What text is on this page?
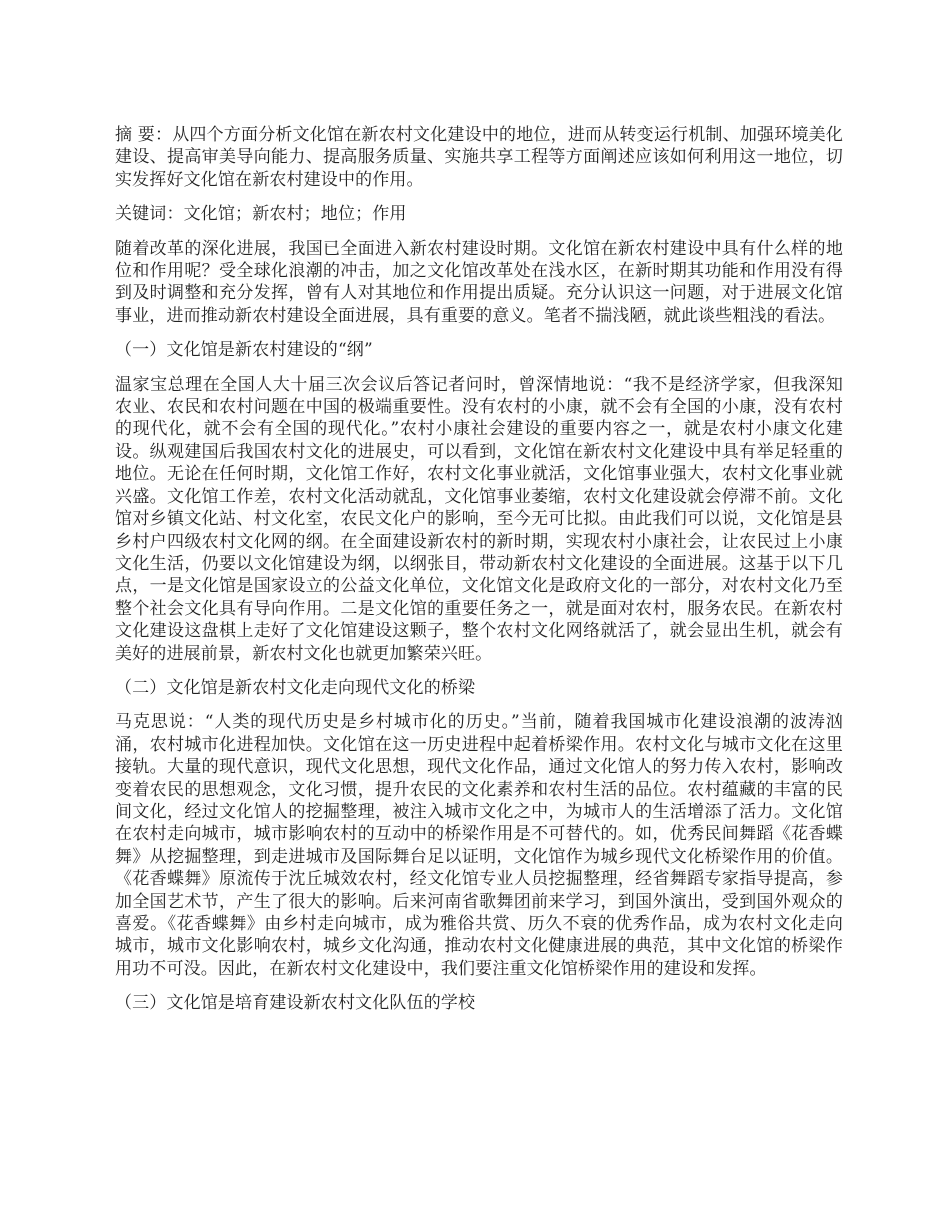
摘 要：从四个方面分析文化馆在新农村文化建设中的地位，进而从转变运行机制、加强环境美化建设、提高审美导向能力、提高服务质量、实施共享工程等方面阐述应该如何利用这一地位，切实发挥好文化馆在新农村建设中的作用。

关键词：文化馆；新农村；地位；作用

随着改革的深化进展，我国已全面进入新农村建设时期。文化馆在新农村建设中具有什么样的地位和作用呢？受全球化浪潮的冲击，加之文化馆改革处在浅水区，在新时期其功能和作用没有得到及时调整和充分发挥，曾有人对其地位和作用提出质疑。充分认识这一问题，对于进展文化馆事业，进而推动新农村建设全面进展，具有重要的意义。笔者不揣浅陋，就此谈些粗浅的看法。

（一）文化馆是新农村建设的“纲”

温家宝总理在全国人大十届三次会议后答记者问时，曾深情地说：“我不是经济学家，但我深知农业、农民和农村问题在中国的极端重要性。没有农村的小康，就不会有全国的小康，没有农村的现代化，就不会有全国的现代化。”农村小康社会建设的重要内容之一，就是农村小康文化建设。纵观建国后我国农村文化的进展史，可以看到，文化馆在新农村文化建设中具有举足轻重的地位。无论在任何时期，文化馆工作好，农村文化事业就活，文化馆事业强大，农村文化事业就兴盛。文化馆工作差，农村文化活动就乱，文化馆事业萎缩，农村文化建设就会停滞不前。文化馆对乡镇文化站、村文化室，农民文化户的影响，至今无可比拟。由此我们可以说，文化馆是县乡村户四级农村文化网的纲。在全面建设新农村的新时期，实现农村小康社会，让农民过上小康文化生活，仍要以文化馆建设为纲，以纲张目，带动新农村文化建设的全面进展。这基于以下几点，一是文化馆是国家设立的公益文化单位，文化馆文化是政府文化的一部分，对农村文化乃至整个社会文化具有导向作用。二是文化馆的重要任务之一，就是面对农村，服务农民。在新农村文化建设这盘棋上走好了文化馆建设这颗子，整个农村文化网络就活了，就会显出生机，就会有美好的进展前景，新农村文化也就更加繁荣兴旺。

（二）文化馆是新农村文化走向现代文化的桥梁

马克思说：“人类的现代历史是乡村城市化的历史。”当前，随着我国城市化建设浪潮的波涛汹涌，农村城市化进程加快。文化馆在这一历史进程中起着桥梁作用。农村文化与城市文化在这里接轨。大量的现代意识，现代文化思想，现代文化作品，通过文化馆人的努力传入农村，影响改变着农民的思想观念，文化习惯，提升农民的文化素养和农村生活的品位。农村蕴藏的丰富的民间文化，经过文化馆人的挖掘整理，被注入城市文化之中，为城市人的生活增添了活力。文化馆在农村走向城市，城市影响农村的互动中的桥梁作用是不可替代的。如，优秀民间舞蹈《花香蝶舞》从挖掘整理，到走进城市及国际舞台足以证明，文化馆作为城乡现代文化桥梁作用的价值。《花香蝶舞》原流传于沈丘城效农村，经文化馆专业人员挖掘整理，经省舞蹈专家指导提高，参加全国艺术节，产生了很大的影响。后来河南省歌舞团前来学习，到国外演出，受到国外观众的喜爱。《花香蝶舞》由乡村走向城市，成为雅俗共赏、历久不衰的优秀作品，成为农村文化走向城市，城市文化影响农村，城乡文化沟通，推动农村文化健康进展的典范，其中文化馆的桥梁作用功不可没。因此，在新农村文化建设中，我们要注重文化馆桥梁作用的建设和发挥。

（三）文化馆是培育建设新农村文化队伍的学校
